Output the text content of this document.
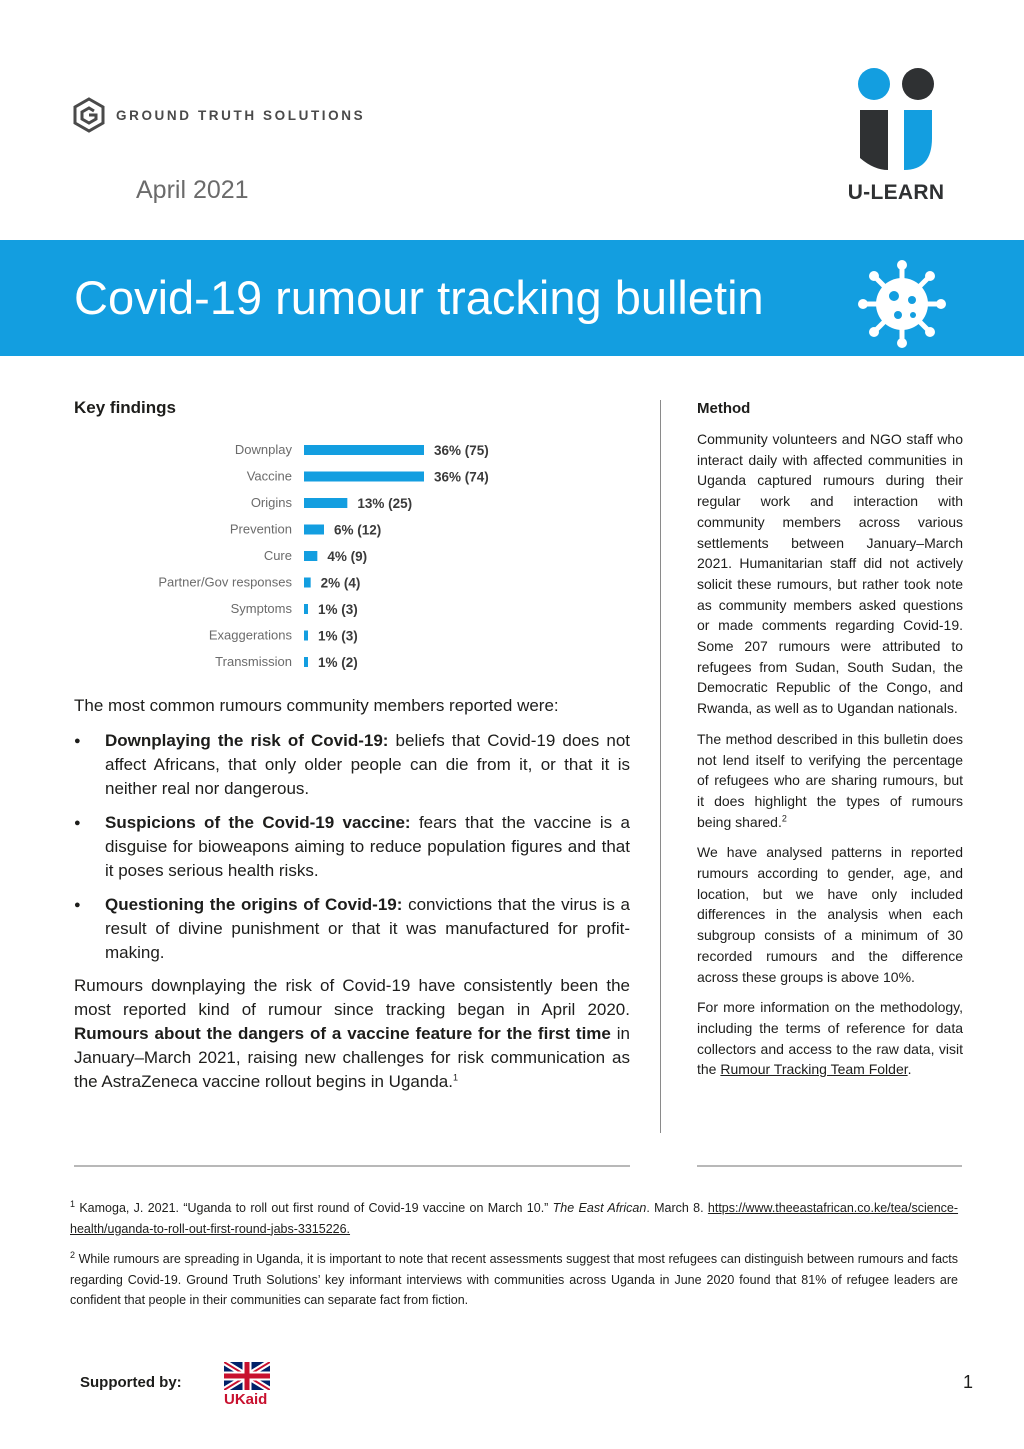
GROUND TRUTH SOLUTIONS
April 2021	U-LEARN
Covid-19 rumour tracking bulletin
Key findings
Downplay	36% (75)
Vaccine	36% (74)
Origins	13% (25)
Prevention	6% (12)
Cure	4% (9)
Partner/Gov responses 2% (4)
Symptoms 1% (3)
Exaggerations 1% (3)
Transmission 1% (2)
The most common rumours community members reported were:
● Downplaying the risk of Covid-19: beliefs that Covid-19 does not affect Africans, that only older people can die from it, or that it is neither real nor dangerous.
● Suspicions of the Covid-19 vaccine: fears that the vaccine is a disguise for bioweapons aiming to reduce population figures and that it poses serious health risks.
● Questioning the origins of Covid-19: convictions that the virus is a result of divine punishment or that it was manufactured for profit-making.
Rumours downplaying the risk of Covid-19 have consistently been the most reported kind of rumour since tracking began in April 2020. Rumours about the dangers of a vaccine feature for the first time in January–March 2021, raising new challenges for risk communication as the AstraZeneca vaccine rollout begins in Uganda.$^1$
Method

Community volunteers and NGO staff who interact daily with affected communities in Uganda captured rumours during their regular work and interaction with community members across various settlements between January–March 2021. Humanitarian staff did not actively solicit these rumours, but rather took note as community members asked questions or made comments regarding Covid-19. Some 207 rumours were attributed to refugees from Sudan, South Sudan, the Democratic Republic of the Congo, and Rwanda, as well as to Ugandan nationals.

The method described in this bulletin does not lend itself to verifying the percentage of refugees who are sharing rumours, but it does highlight the types of rumours being shared.$^2$

We have analysed patterns in reported rumours according to gender, age, and location, but we have only included differences in the analysis when each subgroup consists of a minimum of 30 recorded rumours and the difference across these groups is above 10%.

For more information on the methodology, including the terms of reference for data collectors and access to the raw data, visit the Rumour Tracking Team Folder.

$^1$ Kamoga, J. 2021. “Uganda to roll out first round of Covid-19 vaccine on March 10.” The East African. March 8. https://www.theeastafrican.co.ke/tea/science-health/uganda-to-roll-out-first-round-jabs-3315226.

$^2$ While rumours are spreading in Uganda, it is important to note that recent assessments suggest that most refugees can distinguish between rumours and facts regarding Covid-19. Ground Truth Solutions’ key informant interviews with communities across Uganda in June 2020 found that 81% of refugee leaders are confident that people in their communities can separate fact from fiction.

Supported by:
UKaid
1
